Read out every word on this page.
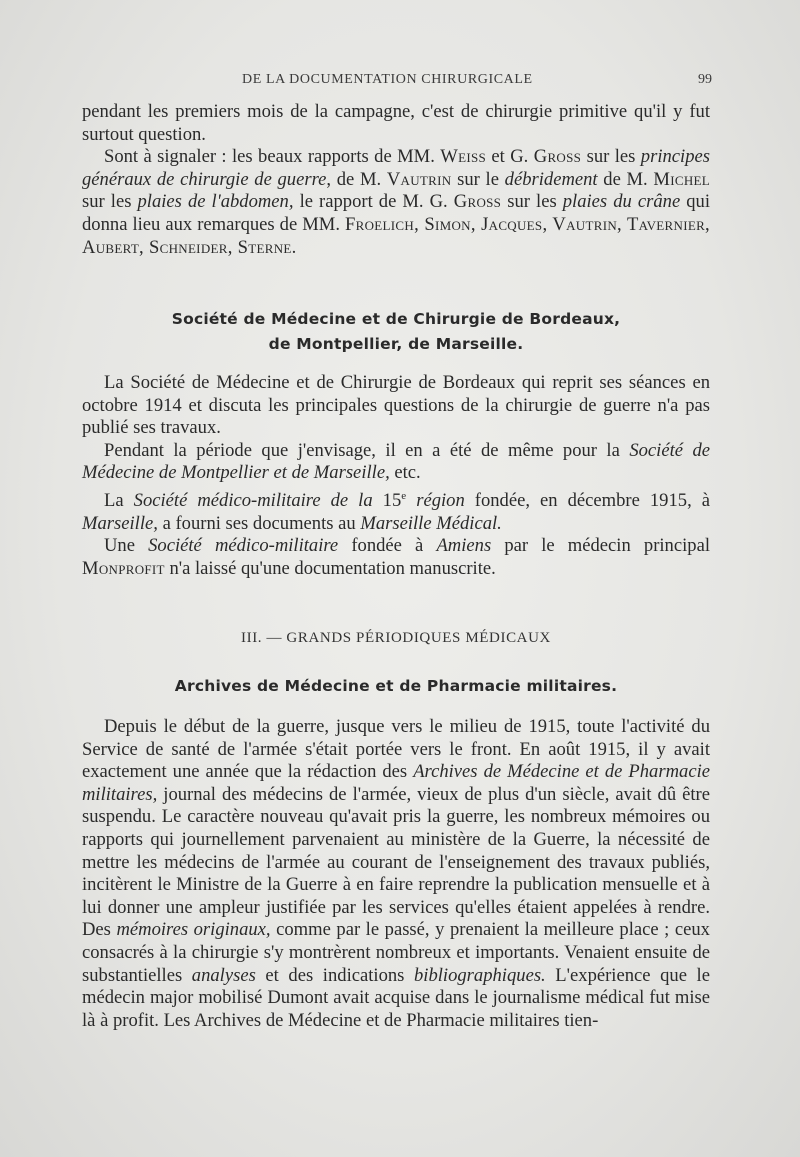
DE LA DOCUMENTATION CHIRURGICALE	99

pendant les premiers mois de la campagne, c'est de chirurgie primitive qu'il y fut surtout question.

Sont à signaler : les beaux rapports de MM. Weiss et G. Gross sur les principes généraux de chirurgie de guerre, de M. Vautrin sur le débridement de M. Michel sur les plaies de l'abdomen, le rapport de M. G. Gross sur les plaies du crâne qui donna lieu aux remarques de MM. Froelich, Simon, Jacques, Vautrin, Tavernier, Aubert, Schneider, Sterne.

Société de Médecine et de Chirurgie de Bordeaux,
de Montpellier, de Marseille.

La Société de Médecine et de Chirurgie de Bordeaux qui reprit ses séances en octobre 1914 et discuta les principales questions de la chirurgie de guerre n'a pas publié ses travaux.

Pendant la période que j'envisage, il en a été de même pour la Société de Médecine de Montpellier et de Marseille, etc.

La Société médico-militaire de la 15e région fondée, en décembre 1915, à Marseille, a fourni ses documents au Marseille Médical.

Une Société médico-militaire fondée à Amiens par le médecin principal Monprofit n'a laissé qu'une documentation manuscrite.

III. — GRANDS PÉRIODIQUES MÉDICAUX
Archives de Médecine et de Pharmacie militaires.

Depuis le début de la guerre, jusque vers le milieu de 1915, toute l'activité du Service de santé de l'armée s'était portée vers le front. En août 1915, il y avait exactement une année que la rédaction des Archives de Médecine et de Pharmacie militaires, journal des médecins de l'armée, vieux de plus d'un siècle, avait dû être suspendu. Le caractère nouveau qu'avait pris la guerre, les nombreux mémoires ou rapports qui journellement parvenaient au ministère de la Guerre, la nécessité de mettre les médecins de l'armée au courant de l'enseignement des travaux publiés, incitèrent le Ministre de la Guerre à en faire reprendre la publication mensuelle et à lui donner une ampleur justifiée par les services qu'elles étaient appelées à rendre. Des mémoires originaux, comme par le passé, y prenaient la meilleure place ; ceux consacrés à la chirurgie s'y montrèrent nombreux et importants. Venaient ensuite de substantielles analyses et des indications bibliographiques. L'expérience que le médecin major mobilisé Dumont avait acquise dans le journalisme médical fut mise là à profit. Les Archives de Médecine et de Pharmacie militaires tien-
